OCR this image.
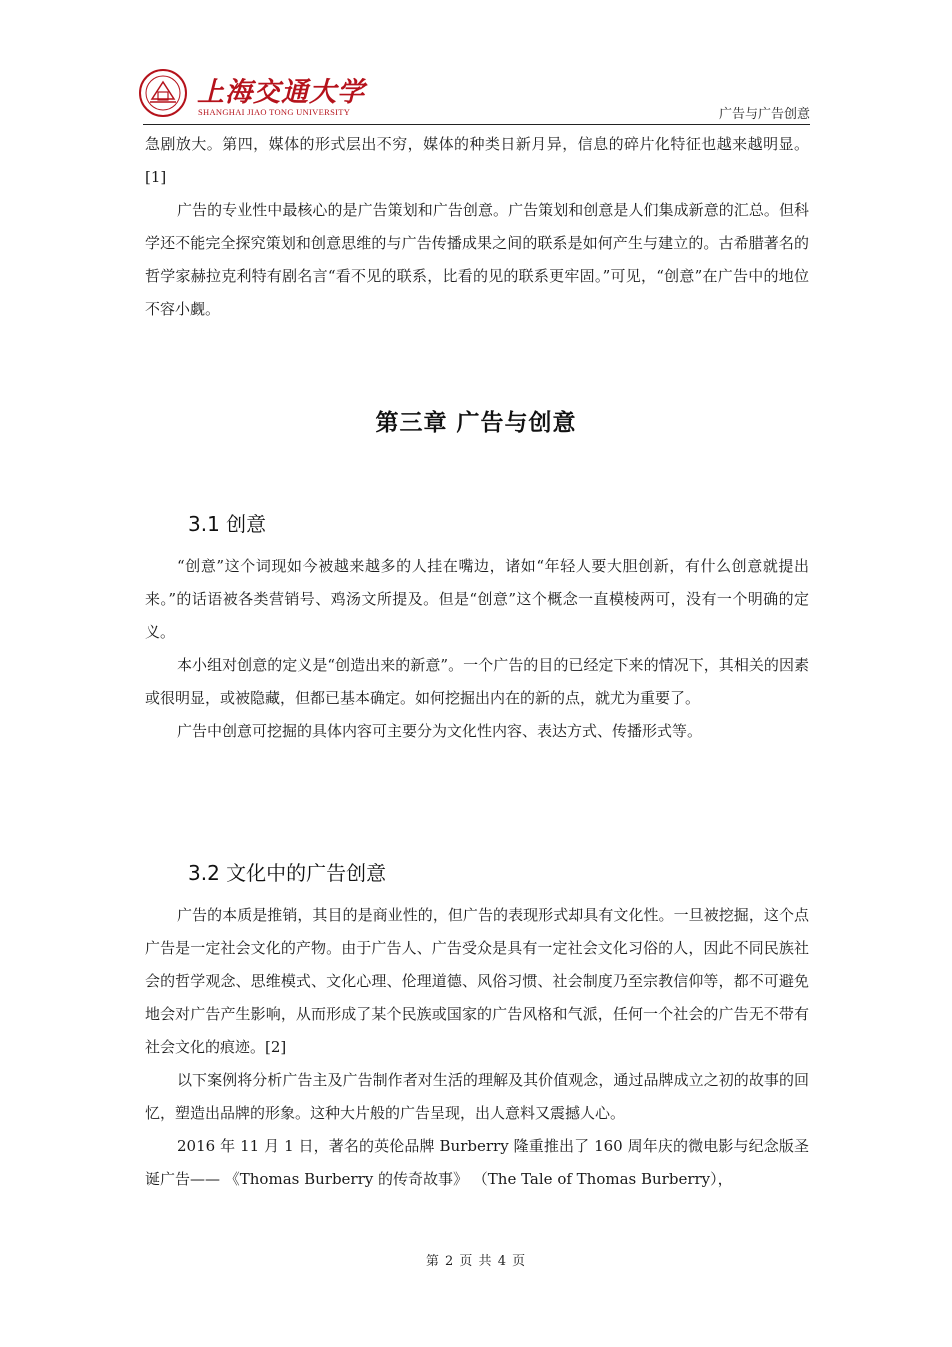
上海交通大学
SHANGHAI JIAO TONG UNIVERSITY	广告与广告创意

急剧放大。第四，媒体的形式层出不穷，媒体的种类日新月异，信息的碎片化特征也越来越明显。[1]

广告的专业性中最核心的是广告策划和广告创意。广告策划和创意是人们集成新意的汇总。但科学还不能完全探究策划和创意思维的与广告传播成果之间的联系是如何产生与建立的。古希腊著名的哲学家赫拉克利特有剧名言“看不见的联系，比看的见的联系更牢固。”可见，“创意”在广告中的地位不容小觑。

第三章 广告与创意
3.1 创意

“创意”这个词现如今被越来越多的人挂在嘴边，诸如“年轻人要大胆创新，有什么创意就提出来。”的话语被各类营销号、鸡汤文所提及。但是“创意”这个概念一直模棱两可，没有一个明确的定义。

本小组对创意的定义是“创造出来的新意”。一个广告的目的已经定下来的情况下，其相关的因素或很明显，或被隐藏，但都已基本确定。如何挖掘出内在的新的点，就尤为重要了。

广告中创意可挖掘的具体内容可主要分为文化性内容、表达方式、传播形式等。

3.2 文化中的广告创意

广告的本质是推销，其目的是商业性的，但广告的表现形式却具有文化性。一旦被挖掘，这个点广告是一定社会文化的产物。由于广告人、广告受众是具有一定社会文化习俗的人，因此不同民族社会的哲学观念、思维模式、文化心理、伦理道德、风俗习惯、社会制度乃至宗教信仰等，都不可避免地会对广告产生影响，从而形成了某个民族或国家的广告风格和气派，任何一个社会的广告无不带有社会文化的痕迹。[2]

以下案例将分析广告主及广告制作者对生活的理解及其价值观念，通过品牌成立之初的故事的回忆，塑造出品牌的形象。这种大片般的广告呈现，出人意料又震撼人心。

2016 年 11 月 1 日，著名的英伦品牌 Burberry 隆重推出了 160 周年庆的微电影与纪念版圣诞广告—— 《Thomas Burberry 的传奇故事》 （The Tale of Thomas Burberry），

第 2 页 共 4 页
